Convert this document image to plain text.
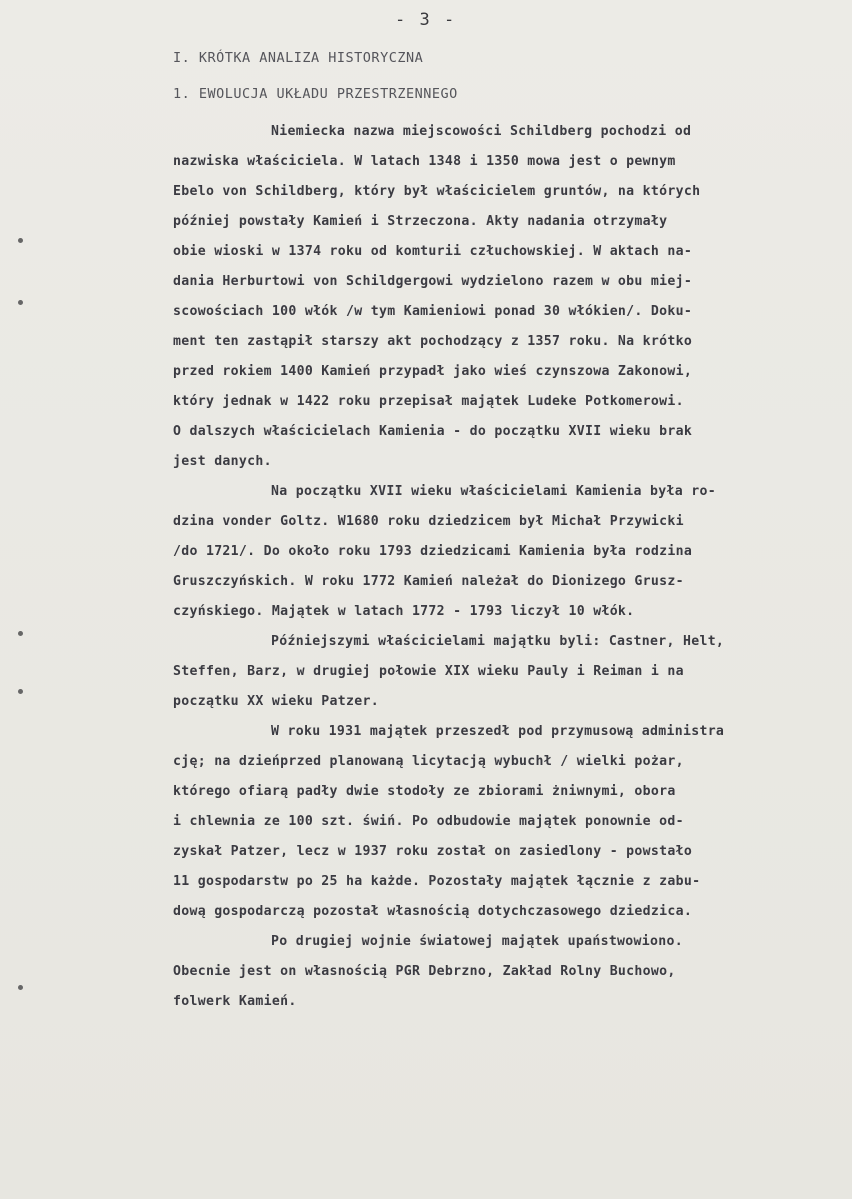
- 3 -
I. KRÓTKA ANALIZA HISTORYCZNA
1. EWOLUCJA UKŁADU PRZESTRZENNEGO
Niemiecka nazwa miejscowości Schildberg pochodzi od
nazwiska właściciela. W latach 1348 i 1350 mowa jest o pewnym
Ebelo von Schildberg, który był właścicielem gruntów, na których
później powstały Kamień i Strzeczona. Akty nadania otrzymały
obie wioski w 1374 roku od komturii człuchowskiej. W aktach na-
dania Herburtowi von Schildgergowi wydzielono razem w obu miej-
scowościach 100 włók /w tym Kamieniowi ponad 30 włókien/. Doku-
ment ten zastąpił starszy akt pochodzący z 1357 roku. Na krótko
przed rokiem 1400 Kamień przypadł jako wieś czynszowa Zakonowi,
który jednak w 1422 roku przepisał majątek Ludeke Potkomerowi.
O dalszych właścicielach Kamienia - do początku XVII wieku brak
jest danych.
Na początku XVII wieku właścicielami Kamienia była ro-
dzina vonder Goltz. W1680 roku dziedzicem był Michał Przywicki
/do 1721/. Do około roku 1793 dziedzicami Kamienia była rodzina
Gruszczyńskich. W roku 1772 Kamień należał do Dionizego Grusz-
czyńskiego. Majątek w latach 1772 - 1793 liczył 10 włók.
Późniejszymi właścicielami majątku byli: Castner, Helt,
Steffen, Barz, w drugiej połowie XIX wieku Pauly i Reiman i na
początku XX wieku Patzer.
W roku 1931 majątek przeszedł pod przymusową administra
cję; na dzieńprzed planowaną licytacją wybuchł / wielki pożar,
którego ofiarą padły dwie stodoły ze zbiorami żniwnymi, obora
i chlewnia ze 100 szt. świń. Po odbudowie majątek ponownie od-
zyskał Patzer, lecz w 1937 roku został on zasiedlony - powstało
11 gospodarstw po 25 ha każde. Pozostały majątek łącznie z zabu-
dową gospodarczą pozostał własnością dotychczasowego dziedzica.
Po drugiej wojnie światowej majątek upaństwowiono.
Obecnie jest on własnością PGR Debrzno, Zakład Rolny Buchowo,
folwerk Kamień.
